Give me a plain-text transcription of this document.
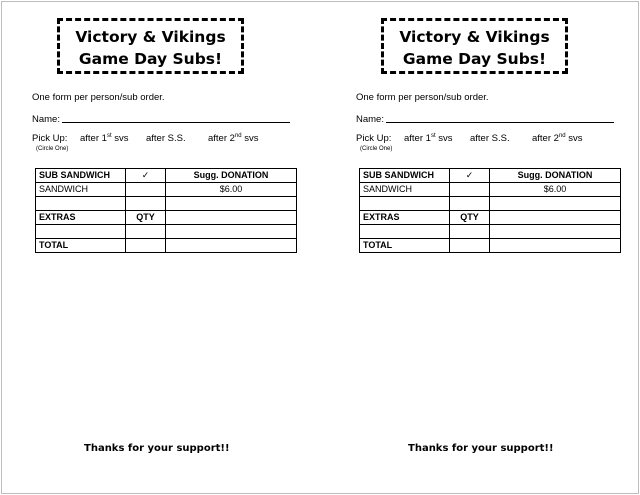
Victory & Vikings
Game Day Subs!
One form per person/sub order.
Name:
Pick Up: after 1st svs after S.S. after 2nd svs
(Circle One)
SUB SANDWICH	✓	Sugg. DONATION
SANDWICH		$6.00

EXTRAS	QTY	

TOTAL		
Thanks for your support!!
Victory & Vikings
Game Day Subs!
One form per person/sub order.
Name:
Pick Up: after 1st svs after S.S. after 2nd svs
(Circle One)
SUB SANDWICH	✓	Sugg. DONATION
SANDWICH		$6.00

EXTRAS	QTY	

TOTAL		
Thanks for your support!!
